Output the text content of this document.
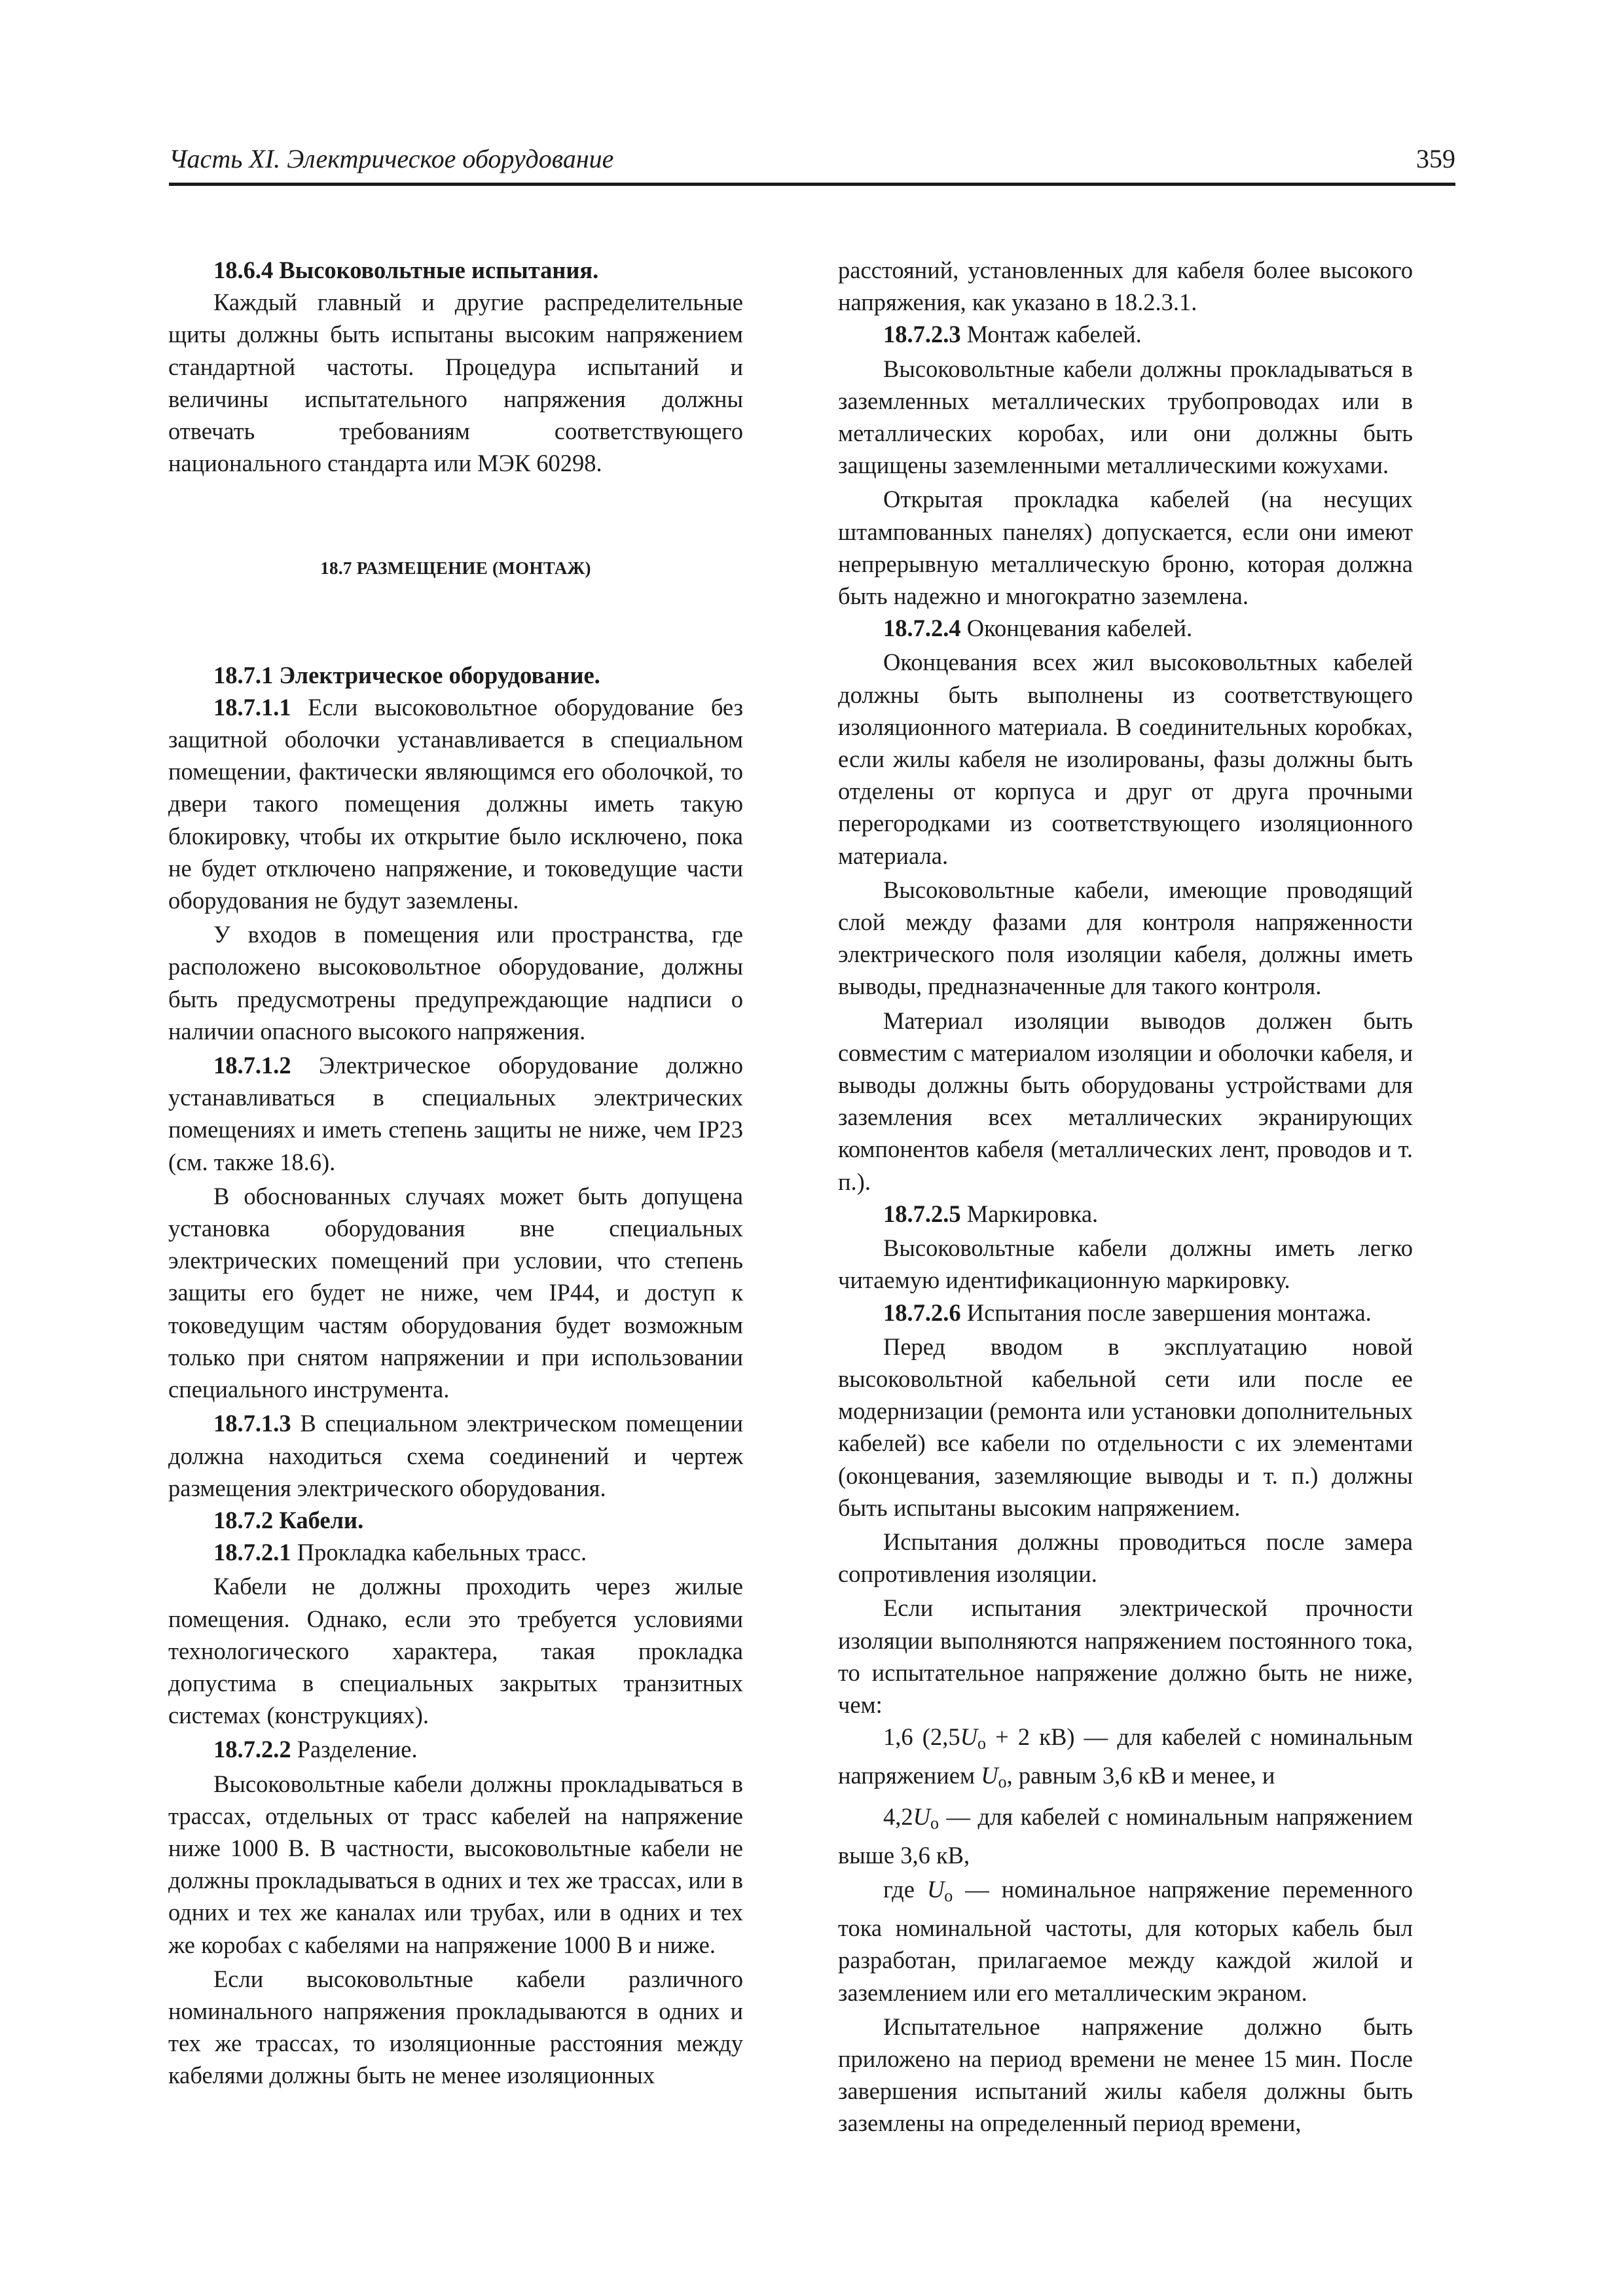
Часть XI. Электрическое оборудование	359

18.6.4 Высоковольтные испытания.

Каждый главный и другие распределительные щиты должны быть испытаны высоким напряжением стандартной частоты. Процедура испытаний и величины испытательного напряжения должны отвечать требованиям соответствующего национального стандарта или МЭК 60298.

18.7 РАЗМЕЩЕНИЕ (МОНТАЖ)

18.7.1 Электрическое оборудование.

18.7.1.1 Если высоковольтное оборудование без защитной оболочки устанавливается в специальном помещении, фактически являющимся его оболочкой, то двери такого помещения должны иметь такую блокировку, чтобы их открытие было исключено, пока не будет отключено напряжение, и токоведущие части оборудования не будут заземлены.

У входов в помещения или пространства, где расположено высоковольтное оборудование, должны быть предусмотрены предупреждающие надписи о наличии опасного высокого напряжения.

18.7.1.2 Электрическое оборудование должно устанавливаться в специальных электрических помещениях и иметь степень защиты не ниже, чем IP23 (см. также 18.6).

В обоснованных случаях может быть допущена установка оборудования вне специальных электрических помещений при условии, что степень защиты его будет не ниже, чем IP44, и доступ к токоведущим частям оборудования будет возможным только при снятом напряжении и при использовании специального инструмента.

18.7.1.3 В специальном электрическом помещении должна находиться схема соединений и чертеж размещения электрического оборудования.

18.7.2 Кабели.

18.7.2.1 Прокладка кабельных трасс.

Кабели не должны проходить через жилые помещения. Однако, если это требуется условиями технологического характера, такая прокладка допустима в специальных закрытых транзитных системах (конструкциях).

18.7.2.2 Разделение.

Высоковольтные кабели должны прокладываться в трассах, отдельных от трасс кабелей на напряжение ниже 1000 В. В частности, высоковольтные кабели не должны прокладываться в одних и тех же трассах, или в одних и тех же каналах или трубах, или в одних и тех же коробах с кабелями на напряжение 1000 В и ниже.

Если высоковольтные кабели различного номинального напряжения прокладываются в одних и тех же трассах, то изоляционные расстояния между кабелями должны быть не менее изоляционных

расстояний, установленных для кабеля более высокого напряжения, как указано в 18.2.3.1.

18.7.2.3 Монтаж кабелей.

Высоковольтные кабели должны прокладываться в заземленных металлических трубопроводах или в металлических коробах, или они должны быть защищены заземленными металлическими кожухами.

Открытая прокладка кабелей (на несущих штампованных панелях) допускается, если они имеют непрерывную металлическую броню, которая должна быть надежно и многократно заземлена.

18.7.2.4 Оконцевания кабелей.

Оконцевания всех жил высоковольтных кабелей должны быть выполнены из соответствующего изоляционного материала. В соединительных коробках, если жилы кабеля не изолированы, фазы должны быть отделены от корпуса и друг от друга прочными перегородками из соответствующего изоляционного материала.

Высоковольтные кабели, имеющие проводящий слой между фазами для контроля напряженности электрического поля изоляции кабеля, должны иметь выводы, предназначенные для такого контроля.

Материал изоляции выводов должен быть совместим с материалом изоляции и оболочки кабеля, и выводы должны быть оборудованы устройствами для заземления всех металлических экранирующих компонентов кабеля (металлических лент, проводов и т. п.).

18.7.2.5 Маркировка.

Высоковольтные кабели должны иметь легко читаемую идентификационную маркировку.

18.7.2.6 Испытания после завершения монтажа.

Перед вводом в эксплуатацию новой высоковольтной кабельной сети или после ее модернизации (ремонта или установки дополнительных кабелей) все кабели по отдельности с их элементами (оконцевания, заземляющие выводы и т. п.) должны быть испытаны высоким напряжением.

Испытания должны проводиться после замера сопротивления изоляции.

Если испытания электрической прочности изоляции выполняются напряжением постоянного тока, то испытательное напряжение должно быть не ниже, чем:

1,6 ($2,5U_о + 2$ кВ) — для кабелей с номинальным напряжением $U_о$, равным 3,6 кВ и менее, и

$4,2U_о$ — для кабелей с номинальным напряжением выше 3,6 кВ,

где $U_о$ — номинальное напряжение переменного тока номинальной частоты, для которых кабель был разработан, прилагаемое между каждой жилой и заземлением или его металлическим экраном.

Испытательное напряжение должно быть приложено на период времени не менее 15 мин. После завершения испытаний жилы кабеля должны быть заземлены на определенный период времени,
